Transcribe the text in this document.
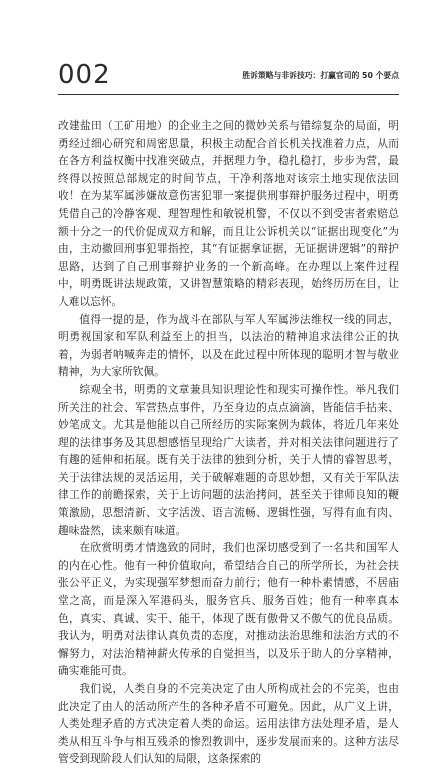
002	胜诉策略与非诉技巧：打赢官司的 50 个要点

改建盐田（工矿用地）的企业主之间的微妙关系与错综复杂的局面，明勇经过细心研究和周密思量，积极主动配合首长机关找准着力点，从而在各方利益权衡中找准突破点，并据理力争，稳扎稳打，步步为营，最终得以按照总部规定的时间节点，干净利落地对该宗土地实现依法回收！在为某军属涉嫌故意伤害犯罪一案提供刑事辩护服务过程中，明勇凭借自己的冷静客观、理智理性和敏锐机警，不仅以不到受害者索赔总额十分之一的代价促成双方和解，而且让公诉机关以“证据出现变化”为由，主动撤回刑事犯罪指控，其“有证据拿证据，无证据讲逻辑”的辩护思路，达到了自己刑事辩护业务的一个新高峰。在办理以上案件过程中，明勇既讲法规政策，又讲智慧策略的精彩表现，始终历历在目，让人难以忘怀。

值得一提的是，作为战斗在部队与军人军属涉法维权一线的同志，明勇视国家和军队利益至上的担当，以法治的精神追求法律公正的执着，为弱者呐喊奔走的情怀，以及在此过程中所体现的聪明才智与敬业精神，为大家所钦佩。

综观全书，明勇的文章兼具知识理论性和现实可操作性。举凡我们所关注的社会、军营热点事件，乃至身边的点点滴滴，皆能信手拈来、妙笔成文。尤其是他能以自己所经历的实际案例为载体，将近几年来处理的法律事务及其思想感悟呈现给广大读者，并对相关法律问题进行了有趣的延伸和拓展。既有关于法律的独到分析，关于人情的睿智思考，关于法律法规的灵活运用，关于破解难题的奇思妙想，又有关于军队法律工作的前瞻探索，关于上访问题的法治拷问，甚至关于律师良知的鞭策激励，思想清新、文字活泼、语言流畅、逻辑性强，写得有血有肉、趣味盎然，读来颇有味道。

在欣赏明勇才情逸致的同时，我们也深切感受到了一名共和国军人的内在心性。他有一种价值取向，希望结合自己的所学所长，为社会扶张公平正义，为实现强军梦想而奋力前行；他有一种朴素情感，不居庙堂之高，而是深入军港码头，服务官兵、服务百姓；他有一种率真本色，真实、真诚、实干、能干，体现了既有傲骨又不傲气的优良品质。我认为，明勇对法律认真负责的态度，对推动法治思维和法治方式的不懈努力，对法治精神薪火传承的自觉担当，以及乐于助人的分享精神，确实难能可贵。

我们说，人类自身的不完美决定了由人所构成社会的不完美，也由此决定了由人的活动所产生的各种矛盾不可避免。因此，从广义上讲，人类处理矛盾的方式决定着人类的命运。运用法律方法处理矛盾，是人类从相互斗争与相互残杀的惨烈教训中，逐步发展而来的。这种方法尽管受到现阶段人们认知的局限，这条探索的
